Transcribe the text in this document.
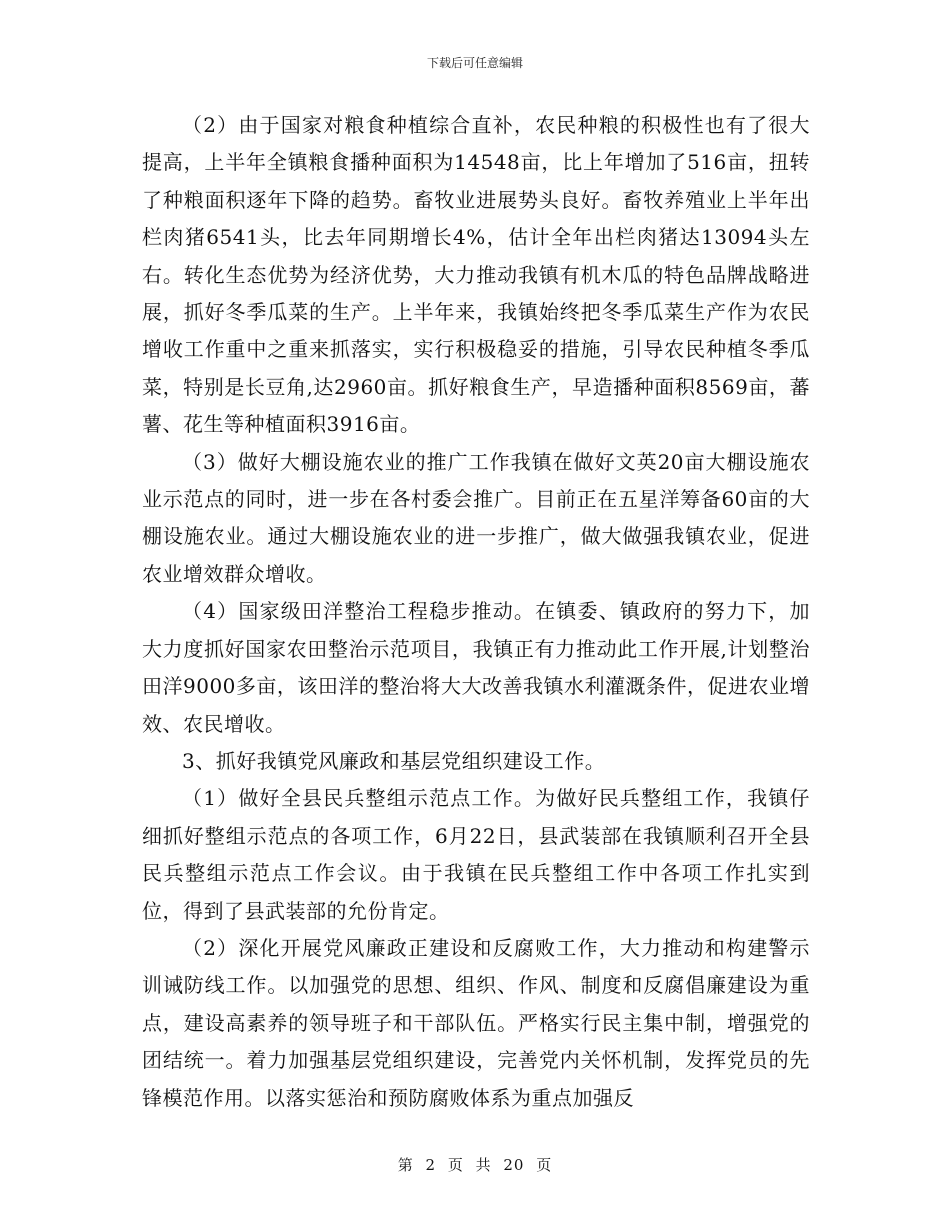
下载后可任意编辑

（2）由于国家对粮食种植综合直补，农民种粮的积极性也有了很大提高，上半年全镇粮食播种面积为14548亩，比上年增加了516亩，扭转了种粮面积逐年下降的趋势。畜牧业进展势头良好。畜牧养殖业上半年出栏肉猪6541头，比去年同期增长4%，估计全年出栏肉猪达13094头左右。转化生态优势为经济优势，大力推动我镇有机木瓜的特色品牌战略进展，抓好冬季瓜菜的生产。上半年来，我镇始终把冬季瓜菜生产作为农民增收工作重中之重来抓落实，实行积极稳妥的措施，引导农民种植冬季瓜菜，特别是长豆角,达2960亩。抓好粮食生产，早造播种面积8569亩，蕃薯、花生等种植面积3916亩。

（3）做好大棚设施农业的推广工作我镇在做好文英20亩大棚设施农业示范点的同时，进一步在各村委会推广。目前正在五星洋筹备60亩的大棚设施农业。通过大棚设施农业的进一步推广，做大做强我镇农业，促进农业增效群众增收。

（4）国家级田洋整治工程稳步推动。在镇委、镇政府的努力下，加大力度抓好国家农田整治示范项目，我镇正有力推动此工作开展,计划整治田洋9000多亩，该田洋的整治将大大改善我镇水利灌溉条件，促进农业增效、农民增收。

3、抓好我镇党风廉政和基层党组织建设工作。

（1）做好全县民兵整组示范点工作。为做好民兵整组工作，我镇仔细抓好整组示范点的各项工作，6月22日，县武装部在我镇顺利召开全县民兵整组示范点工作会议。由于我镇在民兵整组工作中各项工作扎实到位，得到了县武装部的允份肯定。

（2）深化开展党风廉政正建设和反腐败工作，大力推动和构建警示训诫防线工作。以加强党的思想、组织、作风、制度和反腐倡廉建设为重点，建设高素养的领导班子和干部队伍。严格实行民主集中制，增强党的团结统一。着力加强基层党组织建设，完善党内关怀机制，发挥党员的先锋模范作用。以落实惩治和预防腐败体系为重点加强反

第 2 页 共 20 页
